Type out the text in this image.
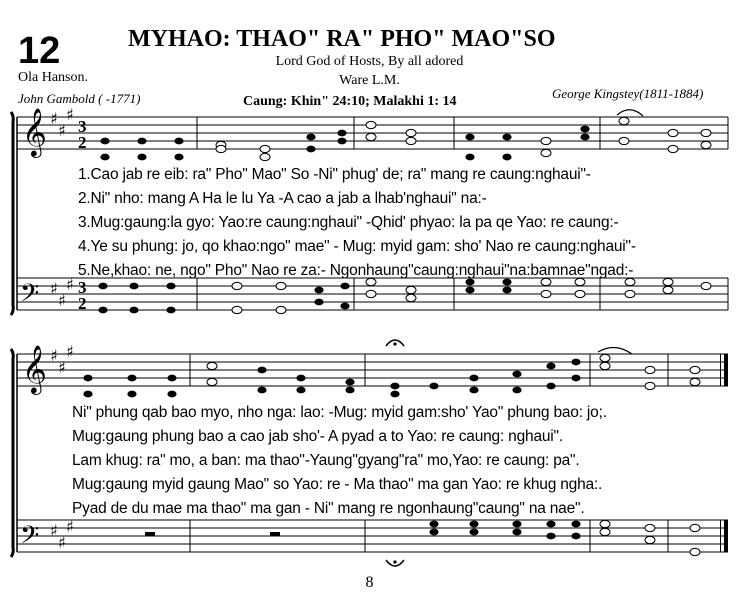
12	MYHAO: THAO" RA" PHO" MAO"SO
Lord God of Hosts, By all adored
Ware L.M.
Caung: Khin" 24:10; Malakhi 1: 14
Ola Hanson.
John Gambold ( -1771)	George Kingstey(1811-1884)
𝄞
𝄢
𝄞
𝄢
♯
♯
♯
♯
♯
♯
♯
♯
♯
♯
♯
♯
3
2
3
2
1.Cao jab re eib: ra" Pho" Mao" So -Ni" phug' de; ra" mang re caung:nghaui"-
2.Ni" nho: mang A Ha le lu Ya -A cao a jab a lhab'nghaui" na:-
3.Mug:gaung:la gyo: Yao:re caung:nghaui" -Qhid' phyao: la pa qe Yao: re caung:-
4.Ye su phung: jo, qo khao:ngo" mae" - Mug: myid gam: sho' Nao re caung:nghaui"-
5.Ne,khao: ne, ngo" Pho" Nao re za:- Ngonhaung"caung:nghaui"na:bamnae"ngad:-
Ni" phung qab bao myo, nho nga: lao: -Mug: myid gam:sho' Yao" phung bao: jo;.
Mug:gaung phung bao a cao jab sho'- A pyad a to Yao: re caung: nghaui".
Lam khug: ra" mo, a ban: ma thao"-Yaung"gyang"ra" mo,Yao: re caung: pa".
Mug:gaung myid gaung Mao" so Yao: re - Ma thao" ma gan Yao: re khug ngha:.
Pyad de du mae ma thao" ma gan - Ni" mang re ngonhaung"caung" na nae".
8
